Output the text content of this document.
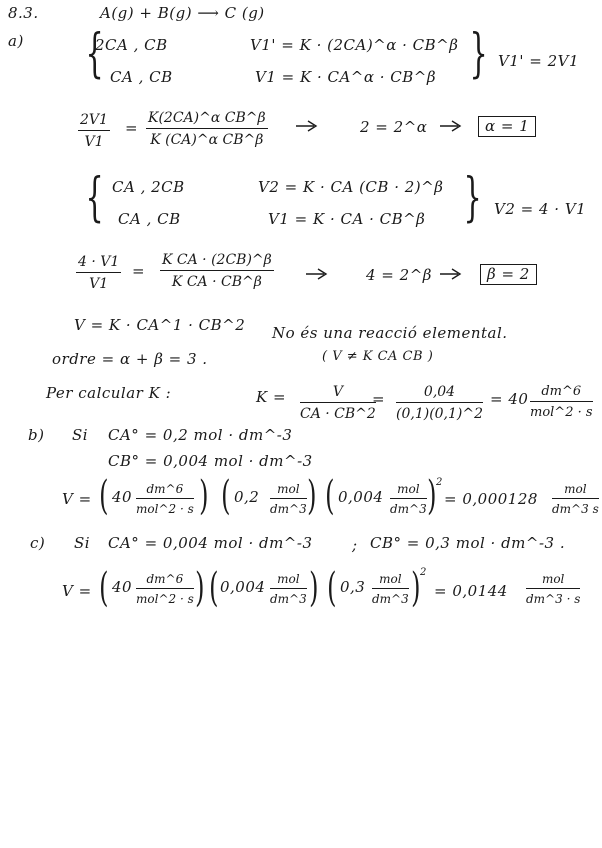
8.3.	A(g) + B(g) ⟶ C (g)
a) {
2CA , CB	V1' = K · (2CA)^α · CB^β
CA , CB	V1 = K · CA^α · CB^β } V1' = 2V1
$\frac{2V1}{V1} = \frac{\text{K(2CA)\textasciicircum{}α CB\textasciicircum{}β}}{\text{K (CA)\textasciicircum{}α CB\textasciicircum{}β}}$	2 = 2^α	α = 1
{ CA , 2CB	V2 = K · CA (CB · 2)^β
CA , CB	V1 = K · CA · CB^β } V2 = 4 · V1
$\frac{4 \cdot V1}{V1} = \frac{\text{K CA · (2CB)\textasciicircum{}β}}{\text{K CA · CB\textasciicircum{}β}}$	4 = 2^β	β = 2
V = K · CA^1 · CB^2 No és una reacció elemental.
( V ≠ K CA CB )
ordre = α + β = 3 .
Per calcular K :	$K = \frac{V}{CA \cdot CB\^{}2}$
= $\frac{0,04}{(0,1)(0,1)\^{}2} = 40$ dm^6
mol^2 · s
b) Si CA° = 0,2 mol · dm^-3
CB° = 0,004 mol · dm^-3
V = ( 40	dm^6
mol^2 · s ) ( 0,2	mol
dm^3 ) ( 0,004	mol
dm^3 ) 2
= 0,000128
mol
dm^3 s
c) Si CA° = 0,004 mol · dm^-3	; CB° = 0,3 mol · dm^-3 .
V = ( 40	dm^6
mol^2 · s ) ( 0,004 mol
dm^3 ) ( 0,3	mol
dm^3 ) 2
= 0,0144
mol
dm^3 · s
